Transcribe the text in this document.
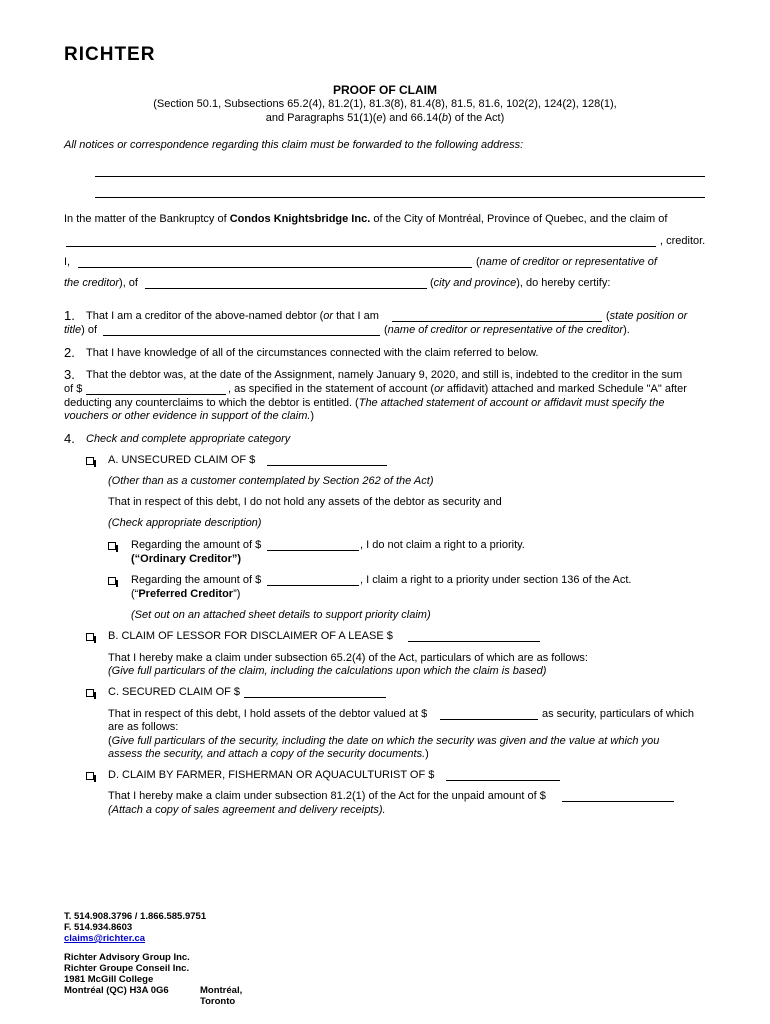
RICHTER
PROOF OF CLAIM
(Section 50.1, Subsections 65.2(4), 81.2(1), 81.3(8), 81.4(8), 81.5, 81.6, 102(2), 124(2), 128(1),
and Paragraphs 51(1)(e) and 66.14(b) of the Act)
All notices or correspondence regarding this claim must be forwarded to the following address:
In the matter of the Bankruptcy of Condos Knightsbridge Inc. of the City of Montréal, Province of Quebec, and the claim of
, creditor.
I,	(name of creditor or representative of
the creditor), of	(city and province), do hereby certify:
1. That I am a creditor of the above-named debtor (or that I am	(state position or
title) of	(name of creditor or representative of the creditor).
2. That I have knowledge of all of the circumstances connected with the claim referred to below.
3. That the debtor was, at the date of the Assignment, namely January 9, 2020, and still is, indebted to the creditor in the sum
of $	, as specified in the statement of account (or affidavit) attached and marked Schedule "A" after
deducting any counterclaims to which the debtor is entitled. (The attached statement of account or affidavit must specify the
vouchers or other evidence in support of the claim.)
4. Check and complete appropriate category
A. UNSECURED CLAIM OF $
(Other than as a customer contemplated by Section 262 of the Act)
That in respect of this debt, I do not hold any assets of the debtor as security and
(Check appropriate description)
Regarding the amount of $	, I do not claim a right to a priority.
(“Ordinary Creditor”)
Regarding the amount of $	, I claim a right to a priority under section 136 of the Act.
(“Preferred Creditor”)
(Set out on an attached sheet details to support priority claim)
B. CLAIM OF LESSOR FOR DISCLAIMER OF A LEASE $
That I hereby make a claim under subsection 65.2(4) of the Act, particulars of which are as follows:
(Give full particulars of the claim, including the calculations upon which the claim is based)
C. SECURED CLAIM OF $
That in respect of this debt, I hold assets of the debtor valued at $	as security, particulars of which
are as follows:
(Give full particulars of the security, including the date on which the security was given and the value at which you
assess the security, and attach a copy of the security documents.)
D. CLAIM BY FARMER, FISHERMAN OR AQUACULTURIST OF $
That I hereby make a claim under subsection 81.2(1) of the Act for the unpaid amount of $
(Attach a copy of sales agreement and delivery receipts).
T. 514.908.3796 / 1.866.585.9751
F. 514.934.8603
claims@richter.ca
Richter Advisory Group Inc.
Richter Groupe Conseil Inc.
1981 McGill College
Montréal (QC) H3A 0G6	Montréal, Toronto
